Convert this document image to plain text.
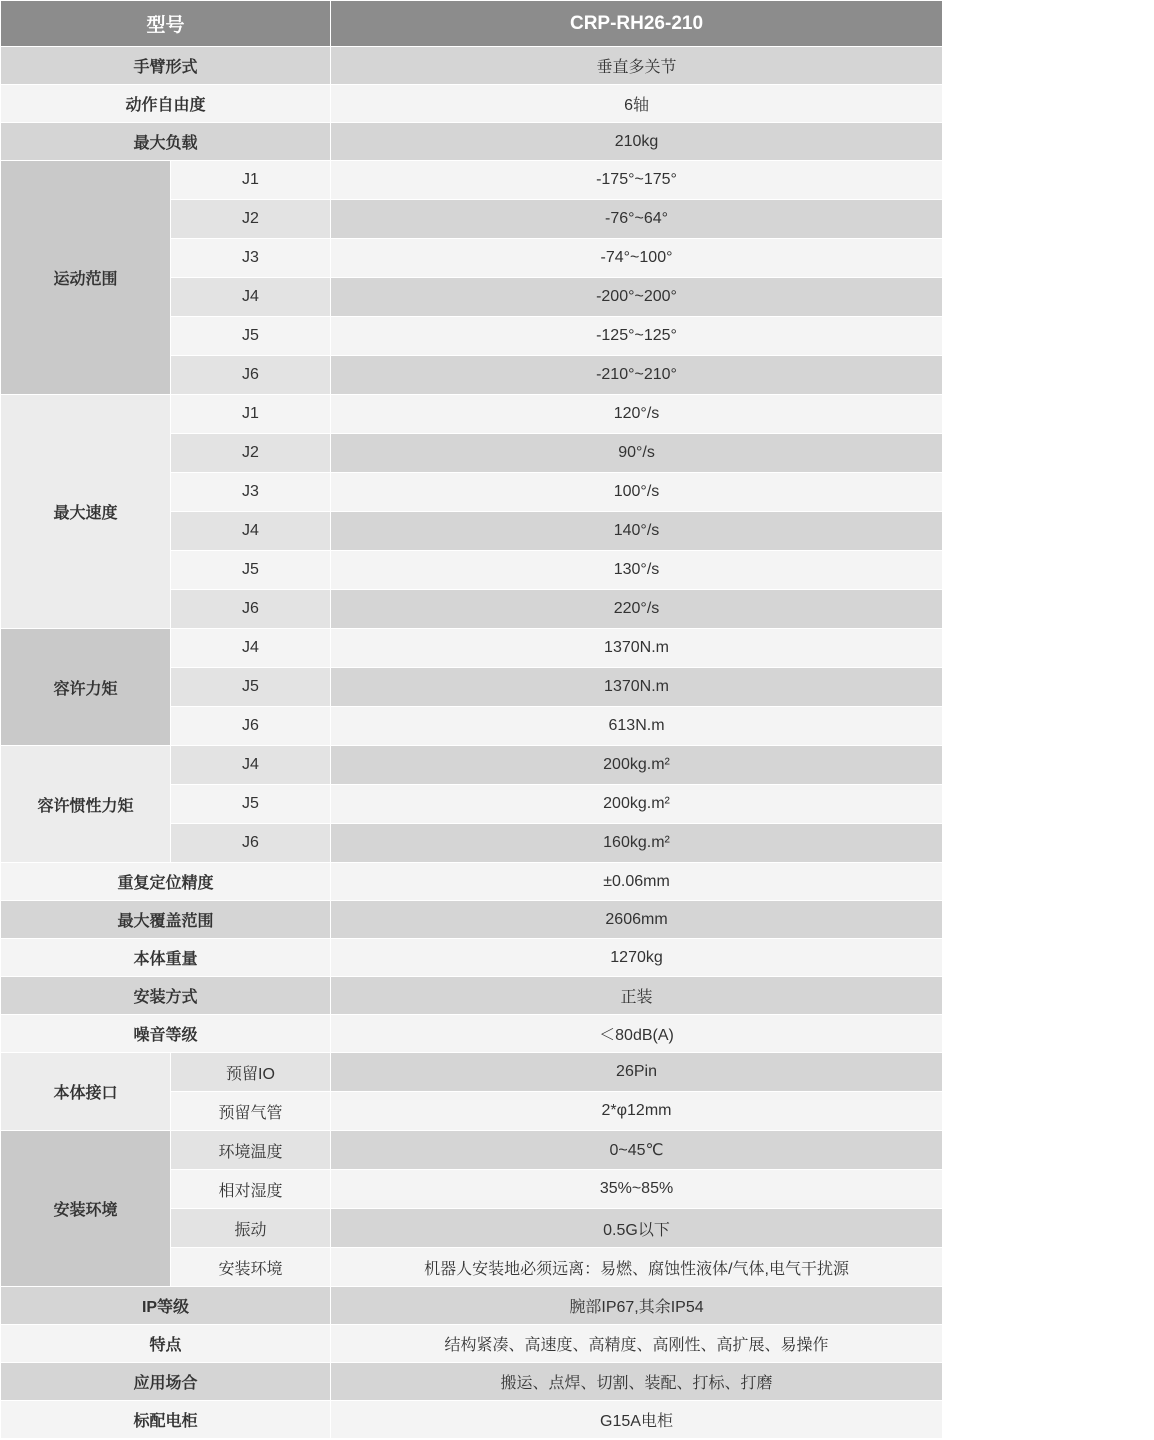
型号		CRP-RH26-210
手臂形式		垂直多关节
动作自由度		6轴
最大负载		210kg
运动范围	J1	-175°~175°
	J2	-76°~64°
	J3	-74°~100°
	J4	-200°~200°
	J5	-125°~125°
	J6	-210°~210°
最大速度	J1	120°/s
	J2	90°/s
	J3	100°/s
	J4	140°/s
	J5	130°/s
	J6	220°/s
容许力矩	J4	1370N.m
	J5	1370N.m
	J6	613N.m
容许惯性力矩	J4	200kg.m²
	J5	200kg.m²
	J6	160kg.m²
重复定位精度		±0.06mm
最大覆盖范围		2606mm
本体重量		1270kg
安装方式		正装
噪音等级		＜80dB(A)
本体接口	预留IO	26Pin
	预留气管	2*φ12mm
安装环境	环境温度	0~45℃
	相对湿度	35%~85%
	振动	0.5G以下
	安装环境	机器人安装地必须远离：易燃、腐蚀性液体/气体,电气干扰源
IP等级		腕部IP67,其余IP54
特点		结构紧凑、高速度、高精度、高刚性、高扩展、易操作
应用场合		搬运、点焊、切割、装配、打标、打磨
标配电柜		G15A电柜
